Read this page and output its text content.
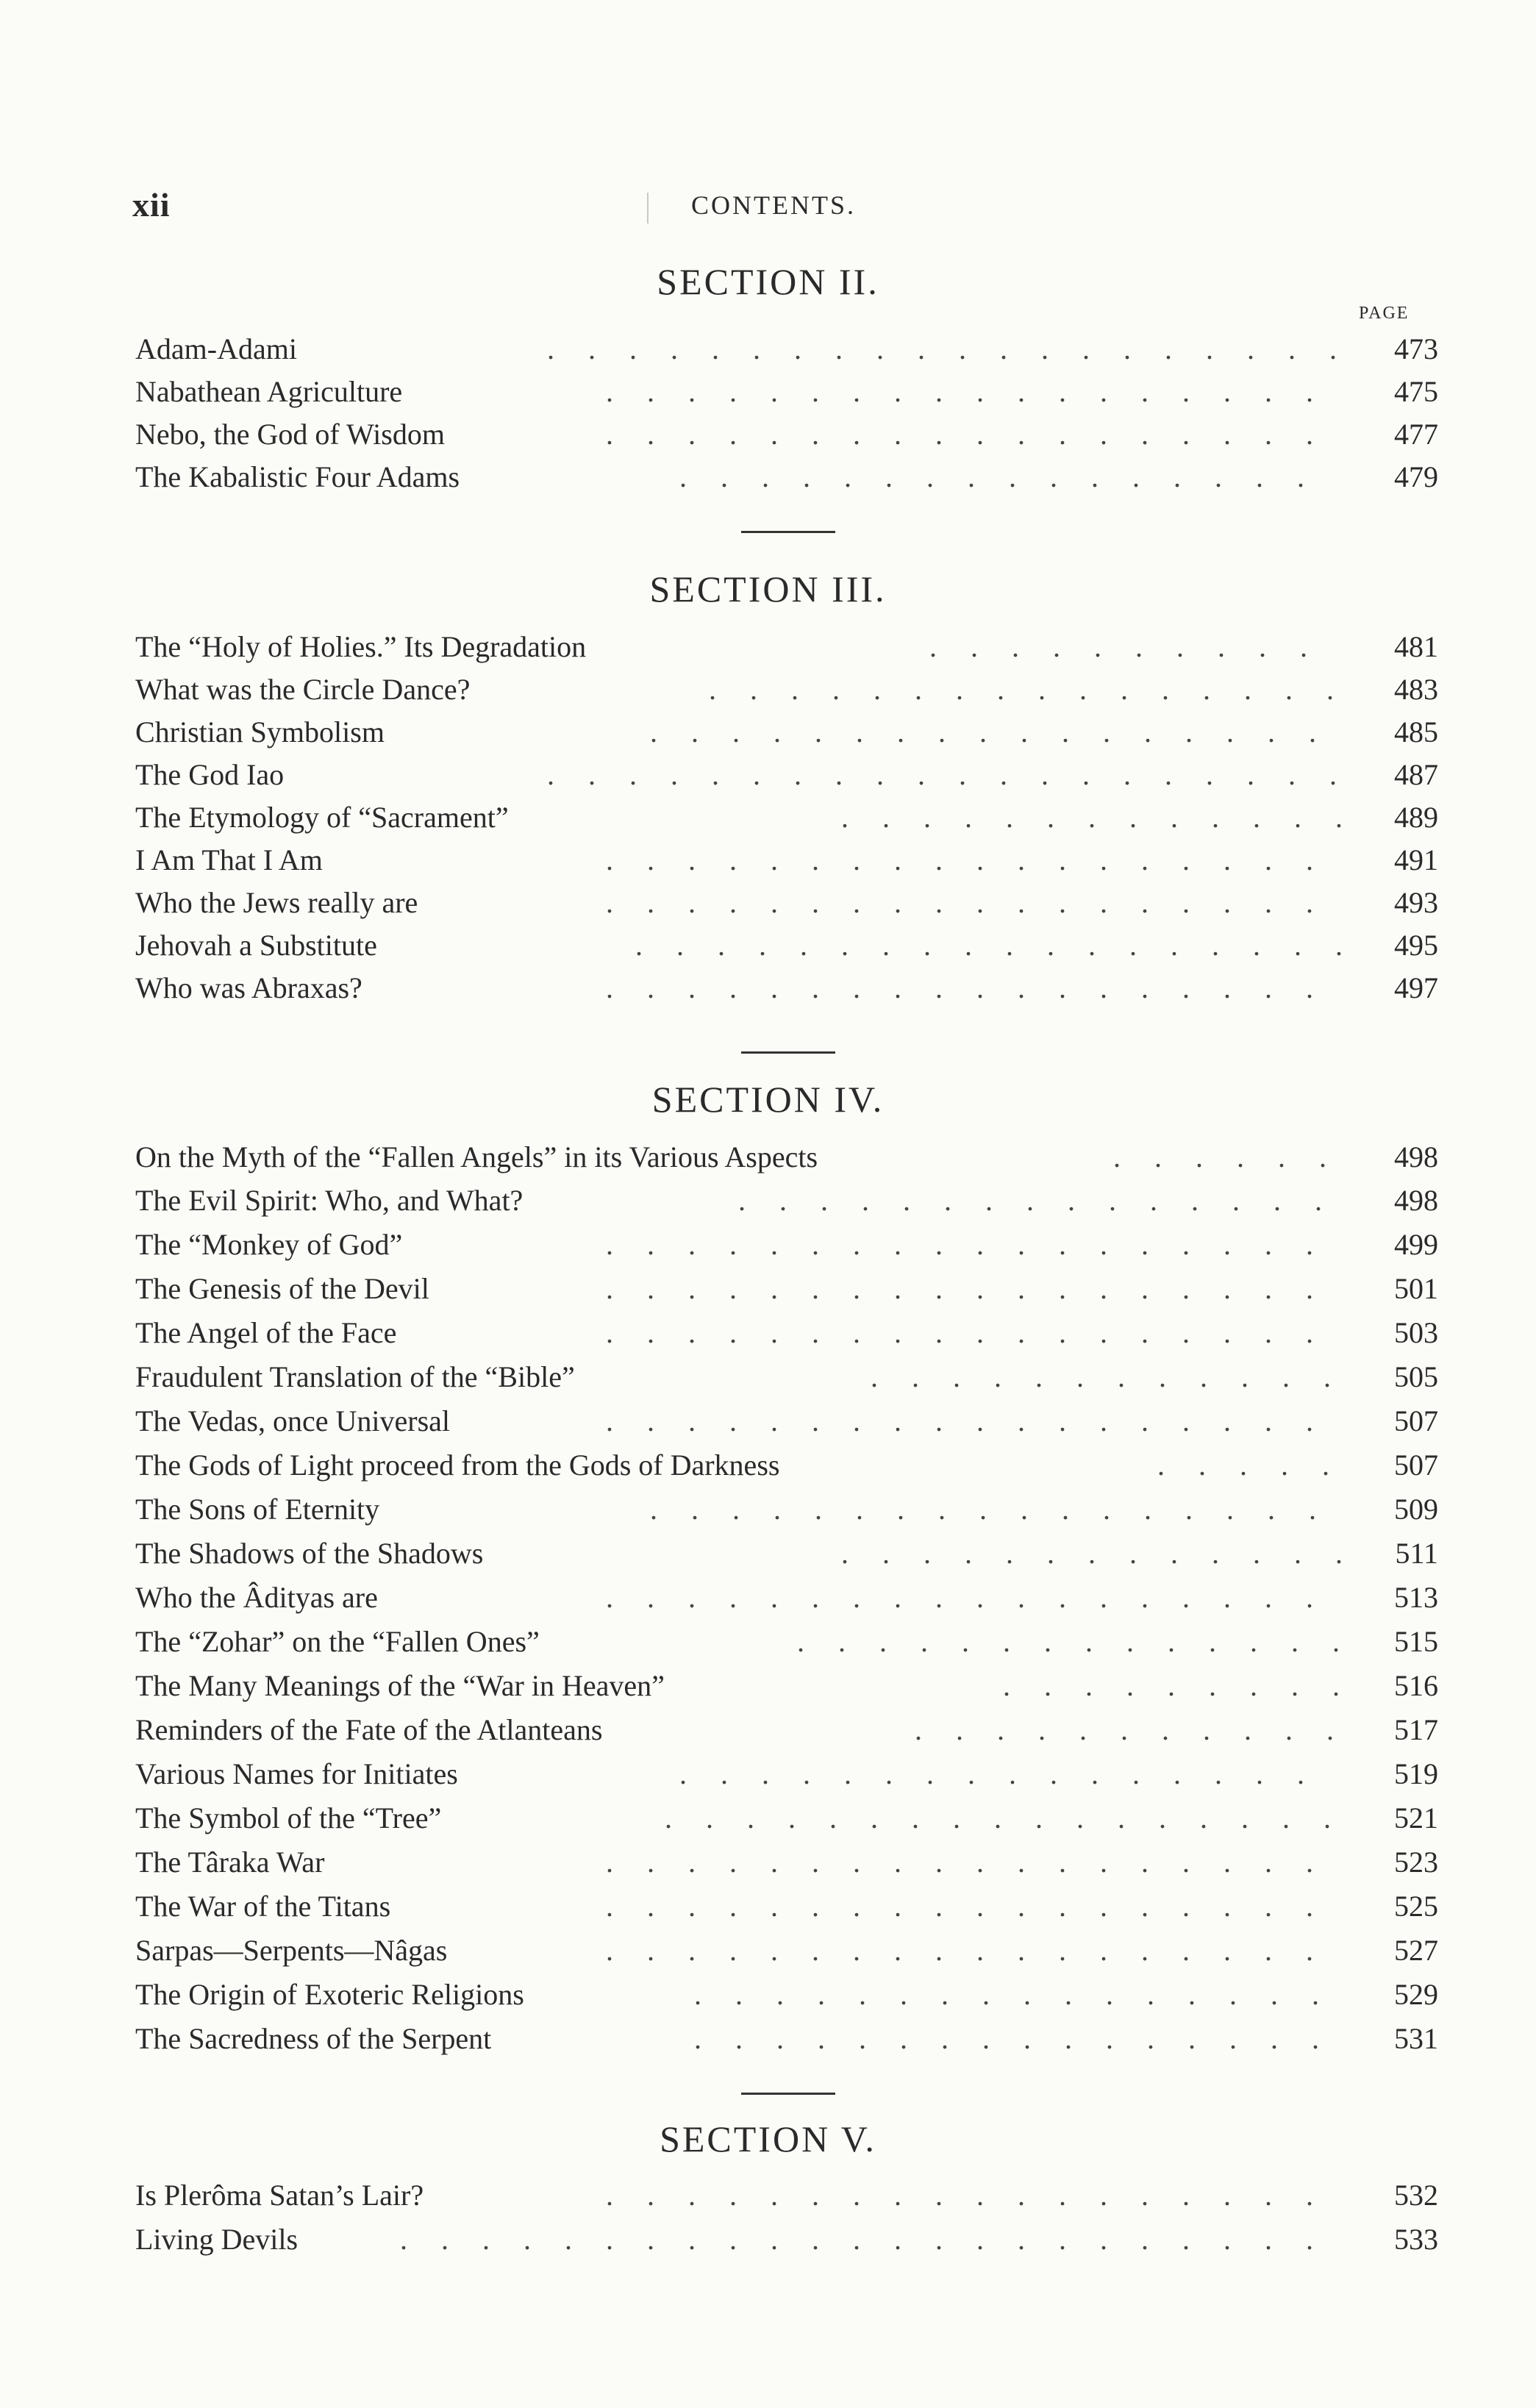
xii	CONTENTS.
SECTION II.
PAGE
Adam-Adami	.................... 473
Nabathean Agriculture	.................. 475
Nebo, the God of Wisdom	.................. 477
The Kabalistic Four Adams	................ 479
SECTION III.
The “Holy of Holies.” Its Degradation	.......... 481
What was the Circle Dance?	................ 483
Christian Symbolism	................. 485
The God Iao	.................... 487
The Etymology of “Sacrament”	............. 489
I Am That I Am	.................. 491
Who the Jews really are	.................. 493
Jehovah a Substitute	.................. 495
Who was Abraxas?	.................. 497
SECTION IV.
On the Myth of the “Fallen Angels” in its Various Aspects	...... 498
The Evil Spirit: Who, and What?	............... 498
The “Monkey of God”	.................. 499
The Genesis of the Devil	.................. 501
The Angel of the Face	.................. 503
Fraudulent Translation of the “Bible”	............ 505
The Vedas, once Universal	.................. 507
The Gods of Light proceed from the Gods of Darkness	..... 507
The Sons of Eternity	................. 509
The Shadows of the Shadows	............. 511
Who the Âdityas are	.................. 513
The “Zohar” on the “Fallen Ones”	.............. 515
The Many Meanings of the “War in Heaven”	......... 516
Reminders of the Fate of the Atlanteans	........... 517
Various Names for Initiates	................ 519
The Symbol of the “Tree”	................. 521
The Târaka War	.................. 523
The War of the Titans	.................. 525
Sarpas—Serpents—Nâgas	.................. 527
The Origin of Exoteric Religions	................ 529
The Sacredness of the Serpent	................ 531
SECTION V.
Is Plerôma Satan’s Lair?	.................. 532
Living Devils	....................... 533
